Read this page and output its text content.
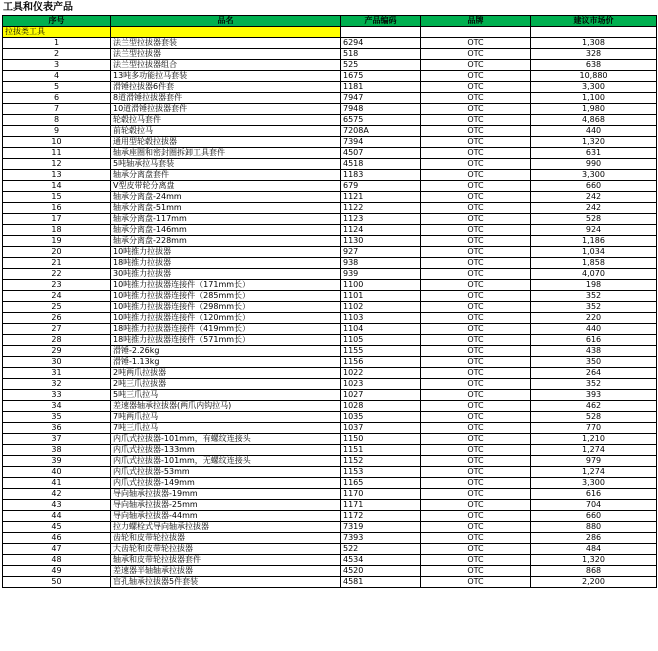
工具和仪表产品
序号	品名	产品编码	品牌	建议市场价
拉拔类工具				
1	法兰型拉拔器套装	6294	OTC	1,308
2	法兰型拉拔器	518	OTC	328
3	法兰型拉拔器组合	525	OTC	638
4	13吨多功能拉马套装	1675	OTC	10,880
5	滑锤拉拔器6件套	1181	OTC	3,300
6	8道滑锤拉拔器套件	7947	OTC	1,100
7	10道滑锤拉拔器套件	7948	OTC	1,980
8	轮毂拉马套件	6575	OTC	4,868
9	前轮毂拉马	7208A	OTC	440
10	通用型轮毂拉拔器	7394	OTC	1,320
11	轴承座圈和密封圈拆卸工具套件	4507	OTC	631
12	5吨轴承拉马套装	4518	OTC	990
13	轴承分离盘套件	1183	OTC	3,300
14	V型皮带轮分离盘	679	OTC	660
15	轴承分离盘-24mm	1121	OTC	242
16	轴承分离盘-51mm	1122	OTC	242
17	轴承分离盘-117mm	1123	OTC	528
18	轴承分离盘-146mm	1124	OTC	924
19	轴承分离盘-228mm	1130	OTC	1,186
20	10吨推力拉拔器	927	OTC	1,034
21	18吨推力拉拔器	938	OTC	1,858
22	30吨推力拉拔器	939	OTC	4,070
23	10吨推力拉拔器连接件（171mm长）	1100	OTC	198
24	10吨推力拉拔器连接件（285mm长）	1101	OTC	352
25	10吨推力拉拔器连接件（298mm长）	1102	OTC	352
26	10吨推力拉拔器连接件（120mm长）	1103	OTC	220
27	18吨推力拉拔器连接件（419mm长）	1104	OTC	440
28	18吨推力拉拔器连接件（571mm长）	1105	OTC	616
29	滑锤-2.26kg	1155	OTC	438
30	滑锤-1.13kg	1156	OTC	350
31	2吨两爪拉拔器	1022	OTC	264
32	2吨三爪拉拔器	1023	OTC	352
33	5吨三爪拉马	1027	OTC	393
34	差速器轴承拉拔器(两爪内钩拉马)	1028	OTC	462
35	7吨两爪拉马	1035	OTC	528
36	7吨三爪拉马	1037	OTC	770
37	内爪式拉拔器-101mm，有螺纹连接头	1150	OTC	1,210
38	内爪式拉拔器-133mm	1151	OTC	1,274
39	内爪式拉拔器-101mm，无螺纹连接头	1152	OTC	979
40	内爪式拉拔器-53mm	1153	OTC	1,274
41	内爪式拉拔器-149mm	1165	OTC	3,300
42	导向轴承拉拔器-19mm	1170	OTC	616
43	导向轴承拉拔器-25mm	1171	OTC	704
44	导向轴承拉拔器-44mm	1172	OTC	660
45	拉力螺栓式导向轴承拉拔器	7319	OTC	880
46	齿轮和皮带轮拉拔器	7393	OTC	286
47	大齿轮和皮带轮拉拔器	522	OTC	484
48	轴承和皮带轮拉拔器套件	4534	OTC	1,320
49	差速器半轴轴承拉拔器	4520	OTC	868
50	盲孔轴承拉拔器5件套装	4581	OTC	2,200
